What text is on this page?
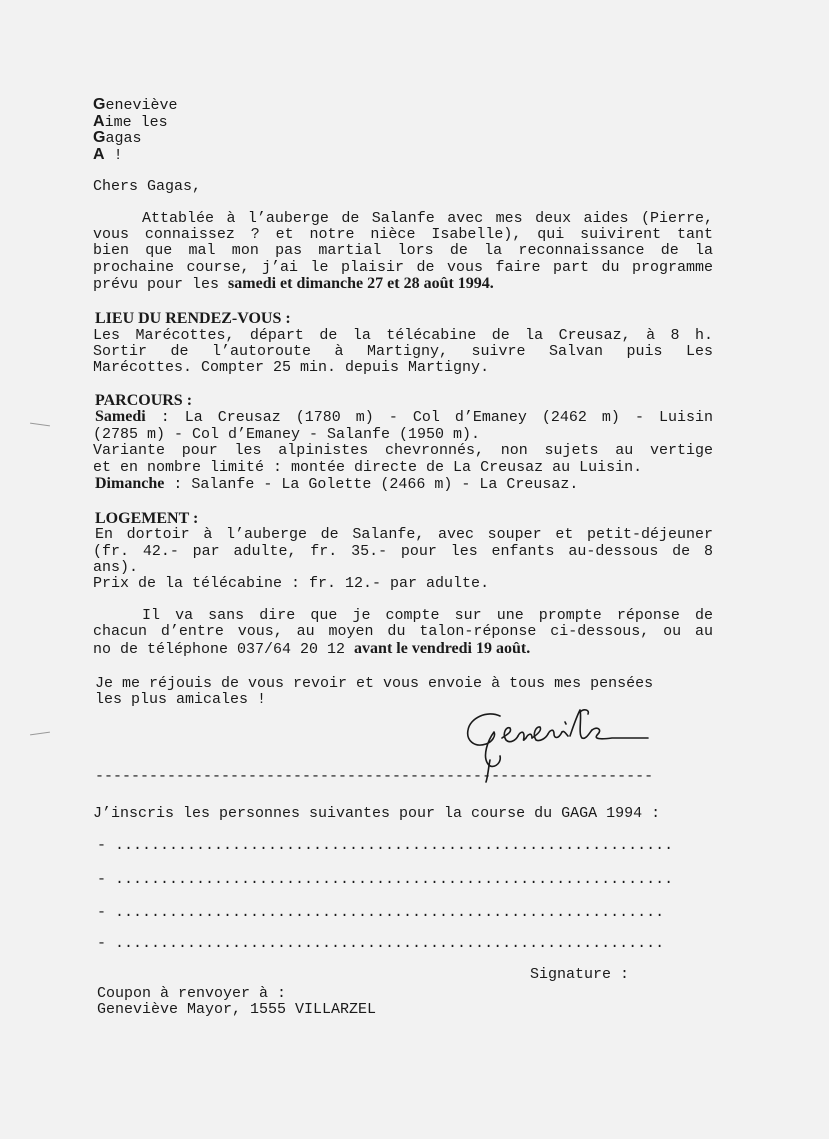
Geneviève
Aime les
Gagas
A !
Chers Gagas,
Attablée à l’auberge de Salanfe avec mes deux aides (Pierre,
vous connaissez ? et notre nièce Isabelle), qui suivirent tant
bien que mal mon pas martial lors de la reconnaissance de la
prochaine course, j’ai le plaisir de vous faire part du programme
prévu pour les samedi et dimanche 27 et 28 août 1994.
LIEU DU RENDEZ-VOUS :
Les Marécottes, départ de la télécabine de la Creusaz, à 8 h.
Sortir de l’autoroute à Martigny, suivre Salvan puis Les
Marécottes. Compter 25 min. depuis Martigny.
PARCOURS :
Samedi : La Creusaz (1780 m) - Col d’Emaney (2462 m) - Luisin
(2785 m) - Col d’Emaney - Salanfe (1950 m).
Variante pour les alpinistes chevronnés, non sujets au vertige
et en nombre limité : montée directe de La Creusaz au Luisin.
Dimanche : Salanfe - La Golette (2466 m) - La Creusaz.
LOGEMENT :
En dortoir à l’auberge de Salanfe, avec souper et petit-déjeuner
(fr. 42.- par adulte, fr. 35.- pour les enfants au-dessous de 8
ans).
Prix de la télécabine : fr. 12.- par adulte.
Il va sans dire que je compte sur une prompte réponse de
chacun d’entre vous, au moyen du talon-réponse ci-dessous, ou au
no de téléphone 037/64 20 12 avant le vendredi 19 août.
Je me réjouis de vous revoir et vous envoie à tous mes pensées
les plus amicales !
--------------------------------------------------------------
J’inscris les personnes suivantes pour la course du GAGA 1994 :
- ..............................................................
- ..............................................................
- .............................................................
- .............................................................
Signature :
Coupon à renvoyer à :
Geneviève Mayor, 1555 VILLARZEL
